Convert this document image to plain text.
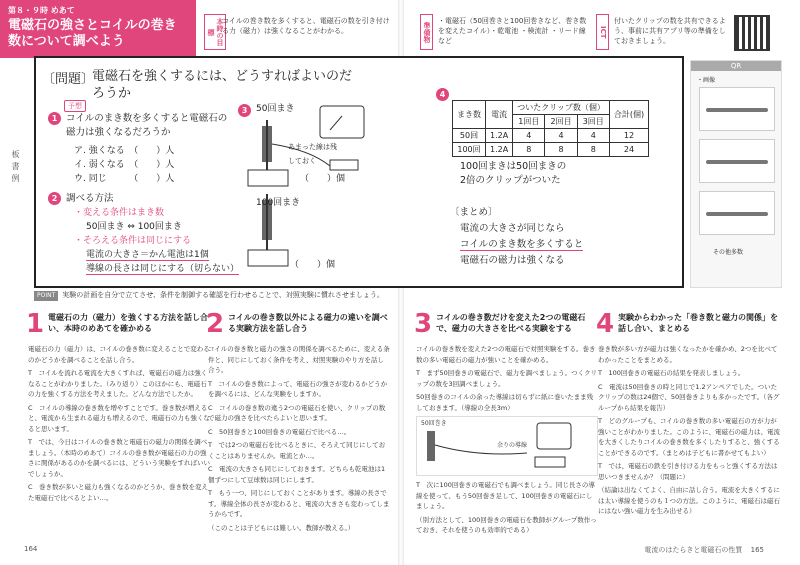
第８・９時 めあて
電磁石の強さとコイルの巻き数について調べよう	本時の目標
コイルの巻き数を多くすると、電磁石の数を引き付ける力（磁力）は強くなることがわかる。	準備物
・電磁石（50回巻きと100回巻きなど、巻き数を変えたコイル）・乾電池 ・検流計 ・リード線 など
ICT
付いたクリップの数を共有できるよう、事前に共有アプリ等の準備をしておきましょう。
板書例
〔問題〕
電磁石を強くするには、どうすればよいのだろうか
1
予想
コイルのまき数を多くすると電磁石の磁力は強くなるだろうか
ア. 強くなる　（　　）人
イ. 弱くなる　（　　）人
ウ. 同じ　　　（　　）人
2 調べる方法
・変える条件はまき数
50回まき ⇔ 100回まき
・そろえる条件は同じにする
電流の大きさ＝かん電池は1個
導線の長さは同じにする（切らない）
3 50回まき
あまった線は残しておく
（　　）個
100回まき
（　　）個
4
まき数	電流	ついたクリップ数（個）			合計(個)
		1回目	2回目	3回目	
50回	1.2A	4	4	4	12
100回	1.2A	8	8	8	24
100回まきは50回まきの
2倍のクリップがついた
〔まとめ〕
電流の大きさが同じなら
コイルのまき数を多くすると
電磁石の磁力は強くなる
QR
・画像
その他多数
POINT 実験の計画を自分で立てさせ、条件を制御する確認を行わせることで、対照実験に慣れさせましょう。
1 電磁石の力（磁力）を強くする方法を話し合い、本時のめあてを確かめる

電磁石の力（磁力）は、コイルの巻き数に変えることで変わるのかどうかを調べることを話し合う。

T　コイルを流れる電流を大きくすれば、電磁石の磁力は強くなることがわかりました。（みり返り）このほかにも、電磁石の力を強くする方法を考えました。どんな方法でしたか。

C　コイルの導線の巻き数を増やすことです。巻き数が増えると、電流から生まれる磁力も増えるので、電磁石の力も強くなると思います。

T　では、今日はコイルの巻き数と電磁石の磁力の関係を調べましょう。（本時のめあて）コイルの巻き数が電磁石の力の強さに関係があるのかを調べるには、どういう実験をすればいいでしょうか。

C　巻き数が多いと磁力も強くなるのかどうか、巻き数を変えた電磁石で比べるとよい…。

2 コイルの巻き数以外による磁力の違いを調べる実験方法を話し合う

コイルの巻き数と磁力の強さの関係を調べるために、変える条件と、同じにしておく条件を考え、対照実験のやり方を話し合う。

T　コイルの巻き数によって、電磁石の強さが変わるかどうかを調べるには、どんな実験をしますか。

C　コイルの巻き数の違う2つの電磁石を使い、クリップの数で磁力の強さを比べたらよいと思います。

C　50回巻きと100回巻きの電磁石で比べる…。

T　では2つの電磁石を比べるときに、そろえて同じにしておくことはありませんか。電流とか…。

C　電流の大きさも同じにしておきます。どちらも乾電池は1個ずつにして豆球数は同じにします。

T　もう一つ、同じにしておくことがあります。導線の長さです。導線全体の長さが変わると、電流の大きさも変わってしまうからです。

（このことは子どもには難しい。教師が教える。）

3 コイルの巻き数だけを変えた2つの電磁石で、磁力の大きさを比べる実験をする

コイルの巻き数を変えた2つの電磁石で対照実験をする。巻き数の多い電磁石の磁力が強いことを確かめる。

T　まず50回巻きの電磁石で、磁力を調べましょう。つくクリップの数を3回調べましょう。

50回巻きのコイルの余った導線は切らずに紙に巻いたまま残しておきます。（導線の全長3m）

50回巻き
余りの導線

T　次に100回巻きの電磁石でも調べましょう。同じ長さの導線を使って、もう50回巻き足して、100回巻きの電磁石にしましょう。

（別方法として、100回巻きの電磁石を教師がグループ数作っておき、それを使うのも効率的である）

4 実験からわかった「巻き数と磁力の関係」を話し合い、まとめる

巻き数が多い方が磁力は強くなったかを確かめ、2つを比べてわかったことをまとめる。

T　100回巻きの電磁石の結果を発表しましょう。

C　電流は50回巻きの時と同じで1.2アンペアでした。ついたクリップの数は24個で、50回巻きよりも多かったです。（各グループから結果を報告）

T　どのグループも、コイルの巻き数の多い電磁石の方が力が強いことがわかりました。このように、電磁石の磁力は、電流を大きくしたりコイルの巻き数を多くしたりすると、強くすることができるのです。（まとめは子どもに書かせてもよい）

T　では、電磁石の鉄を引き付ける力をもっと強くする方法は思いつきませんか？（問題に）

（結論は出なくてよく、自由に話し合う。電流を大きくするには太い導線を使うのも１つの方法。このように、電磁石は磁石にはない強い磁力を生み出せる）

164	電流のはたらきと電磁石の性質 165
